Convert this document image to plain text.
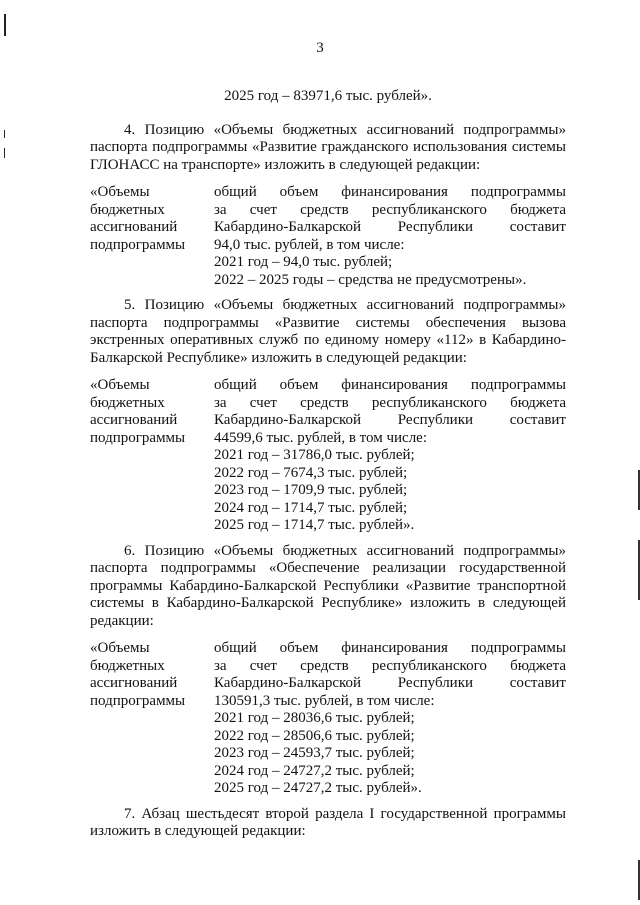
3
2025 год – 83971,6 тыс. рублей».

4. Позицию «Объемы бюджетных ассигнований подпрограммы» паспорта подпрограммы «Развитие гражданского использования системы ГЛОНАСС на транспорте» изложить в следующей редакции:

«Объемы
бюджетных
ассигнований
подпрограммы
общий объем финансирования подпрограммы
за счет средств республиканского бюджета
Кабардино-Балкарской Республики составит
94,0 тыс. рублей, в том числе:
2021 год – 94,0 тыс. рублей;
2022 – 2025 годы – средства не предусмотрены».

5. Позицию «Объемы бюджетных ассигнований подпрограммы» паспорта подпрограммы «Развитие системы обеспечения вызова экстренных оперативных служб по единому номеру «112» в Кабардино-Балкарской Республике» изложить в следующей редакции:

«Объемы
бюджетных
ассигнований
подпрограммы
общий объем финансирования подпрограммы
за счет средств республиканского бюджета
Кабардино-Балкарской Республики составит
44599,6 тыс. рублей, в том числе:
2021 год – 31786,0 тыс. рублей;
2022 год – 7674,3 тыс. рублей;
2023 год – 1709,9 тыс. рублей;
2024 год – 1714,7 тыс. рублей;
2025 год – 1714,7 тыс. рублей».

6. Позицию «Объемы бюджетных ассигнований подпрограммы» паспорта подпрограммы «Обеспечение реализации государственной программы Кабардино-Балкарской Республики «Развитие транспортной системы в Кабардино-Балкарской Республике» изложить в следующей редакции:

«Объемы
бюджетных
ассигнований
подпрограммы
общий объем финансирования подпрограммы
за счет средств республиканского бюджета
Кабардино-Балкарской Республики составит
130591,3 тыс. рублей, в том числе:
2021 год – 28036,6 тыс. рублей;
2022 год – 28506,6 тыс. рублей;
2023 год – 24593,7 тыс. рублей;
2024 год – 24727,2 тыс. рублей;
2025 год – 24727,2 тыс. рублей».

7. Абзац шестьдесят второй раздела I государственной программы изложить в следующей редакции:
